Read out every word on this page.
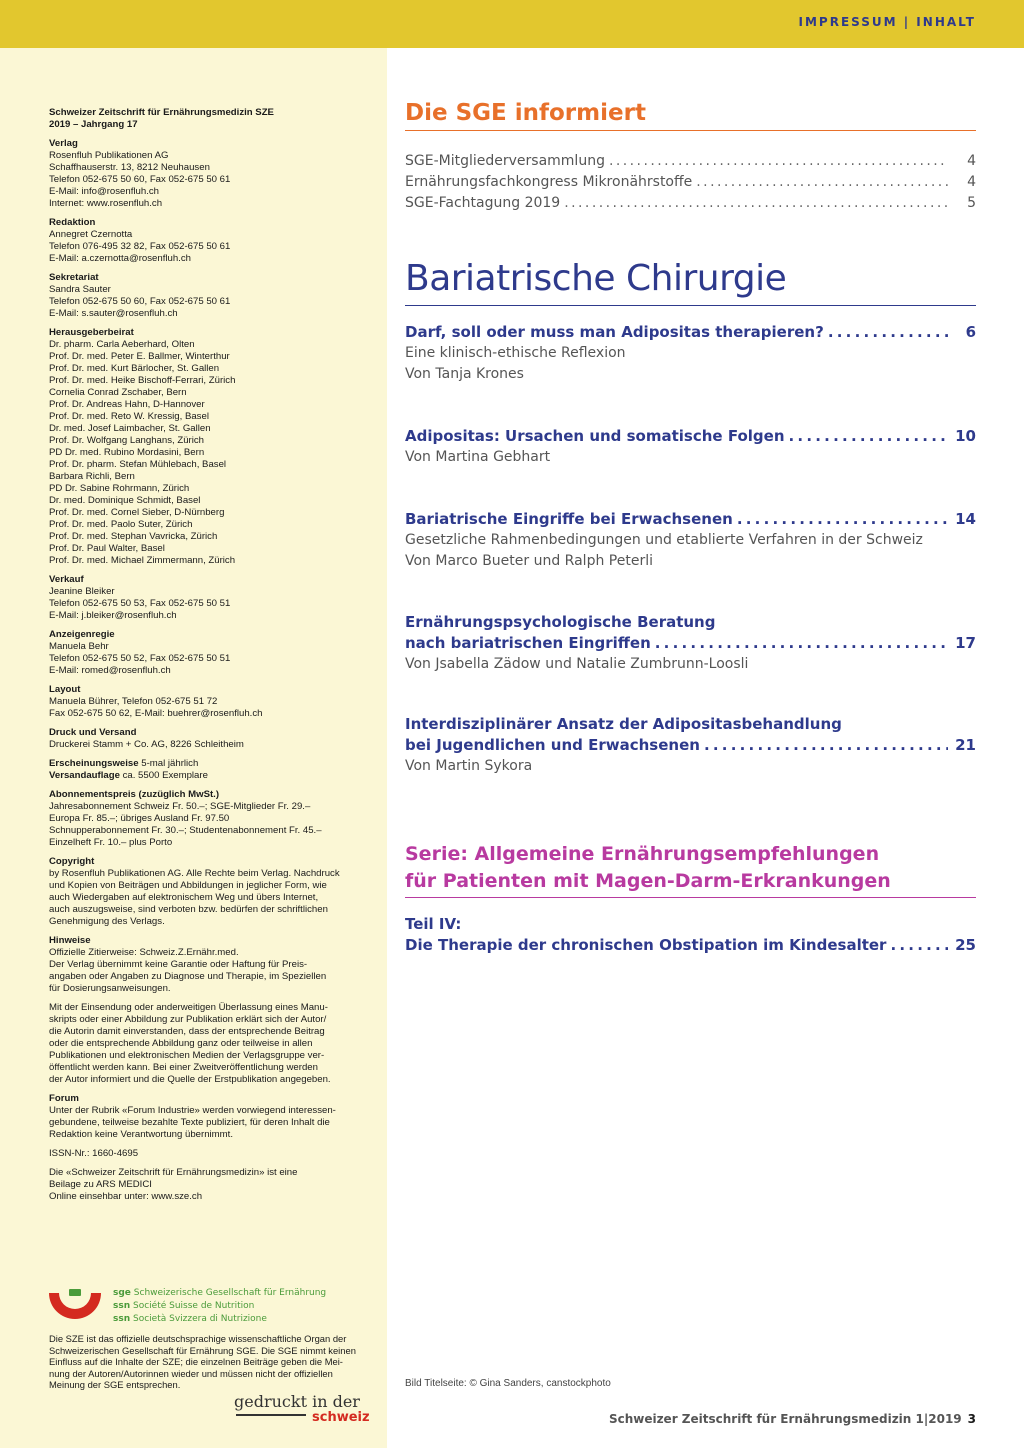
IMPRESSUM | INHALT
Schweizer Zeitschrift für Ernährungsmedizin SZE
2019 – Jahrgang 17
Verlag
Rosenfluh Publikationen AG
Schaffhauserstr. 13, 8212 Neuhausen
Telefon 052-675 50 60, Fax 052-675 50 61
E-Mail: info@rosenfluh.ch
Internet: www.rosenfluh.ch
Redaktion
Annegret Czernotta
Telefon 076-495 32 82, Fax 052-675 50 61
E-Mail: a.czernotta@rosenfluh.ch
Sekretariat
Sandra Sauter
Telefon 052-675 50 60, Fax 052-675 50 61
E-Mail: s.sauter@rosenfluh.ch
Herausgeberbeirat
Dr. pharm. Carla Aeberhard, Olten
Prof. Dr. med. Peter E. Ballmer, Winterthur
Prof. Dr. med. Kurt Bärlocher, St. Gallen
Prof. Dr. med. Heike Bischoff-Ferrari, Zürich
Cornelia Conrad Zschaber, Bern
Prof. Dr. Andreas Hahn, D-Hannover
Prof. Dr. med. Reto W. Kressig, Basel
Dr. med. Josef Laimbacher, St. Gallen
Prof. Dr. Wolfgang Langhans, Zürich
PD Dr. med. Rubino Mordasini, Bern
Prof. Dr. pharm. Stefan Mühlebach, Basel
Barbara Richli, Bern
PD Dr. Sabine Rohrmann, Zürich
Dr. med. Dominique Schmidt, Basel
Prof. Dr. med. Cornel Sieber, D-Nürnberg
Prof. Dr. med. Paolo Suter, Zürich
Prof. Dr. med. Stephan Vavricka, Zürich
Prof. Dr. Paul Walter, Basel
Prof. Dr. med. Michael Zimmermann, Zürich
Verkauf
Jeanine Bleiker
Telefon 052-675 50 53, Fax 052-675 50 51
E-Mail: j.bleiker@rosenfluh.ch
Anzeigenregie
Manuela Behr
Telefon 052-675 50 52, Fax 052-675 50 51
E-Mail: romed@rosenfluh.ch
Layout
Manuela Bührer, Telefon 052-675 51 72
Fax 052-675 50 62, E-Mail: buehrer@rosenfluh.ch
Druck und Versand
Druckerei Stamm + Co. AG, 8226 Schleitheim
Erscheinungsweise 5-mal jährlich
Versandauflage ca. 5500 Exemplare
Abonnementspreis (zuzüglich MwSt.)
Jahresabonnement Schweiz Fr. 50.–; SGE-Mitglieder Fr. 29.–
Europa Fr. 85.–; übriges Ausland Fr. 97.50
Schnupperabonnement Fr. 30.–; Studentenabonnement Fr. 45.–
Einzelheft Fr. 10.– plus Porto
Copyright
by Rosenfluh Publikationen AG. Alle Rechte beim Verlag. Nachdruck
und Kopien von Beiträgen und Abbildungen in jeglicher Form, wie
auch Wiedergaben auf elektronischem Weg und übers Internet,
auch auszugsweise, sind verboten bzw. bedürfen der schriftlichen
Genehmigung des Verlags.
Hinweise
Offizielle Zitierweise: Schweiz.Z.Ernähr.med.
Der Verlag übernimmt keine Garantie oder Haftung für Preis-
angaben oder Angaben zu Diagnose und Therapie, im Speziellen
für Dosierungsanweisungen.
Mit der Einsendung oder anderweitigen Überlassung eines Manu-
skripts oder einer Abbildung zur Publikation erklärt sich der Autor/
die Autorin damit einverstanden, dass der entsprechende Beitrag
oder die entsprechende Abbildung ganz oder teilweise in allen
Publikationen und elektronischen Medien der Verlagsgruppe ver-
öffentlicht werden kann. Bei einer Zweitveröffentlichung werden
der Autor informiert und die Quelle der Erstpublikation angegeben.
Forum
Unter der Rubrik «Forum Industrie» werden vorwiegend interessen-
gebundene, teilweise bezahlte Texte publiziert, für deren Inhalt die
Redaktion keine Verantwortung übernimmt.
ISSN-Nr.: 1660-4695
Die «Schweizer Zeitschrift für Ernährungsmedizin» ist eine
Beilage zu ARS MEDICI
Online einsehbar unter: www.sze.ch
sge Schweizerische Gesellschaft für Ernährung
ssn Société Suisse de Nutrition
ssn Società Svizzera di Nutrizione
Die SZE ist das offizielle deutschsprachige wissenschaftliche Organ der
Schweizerischen Gesellschaft für Ernährung SGE. Die SGE nimmt keinen
Einfluss auf die Inhalte der SZE; die einzelnen Beiträge geben die Mei-
nung der Autoren/Autorinnen wieder und müssen nicht der offiziellen
Meinung der SGE entsprechen.
gedruckt in der
schweiz
Die SGE informiert
SGE-Mitgliederversammlung . . .	4
Ernährungsfachkongress Mikronährstoffe . . .	4
SGE-Fachtagung 2019 . . .	5
Bariatrische Chirurgie
Darf, soll oder muss man Adipositas therapieren? . . .	6
Eine klinisch-ethische Reflexion
Von Tanja Krones
Adipositas: Ursachen und somatische Folgen . . .	10
Von Martina Gebhart
Bariatrische Eingriffe bei Erwachsenen . . .	14
Gesetzliche Rahmenbedingungen und etablierte Verfahren in der Schweiz
Von Marco Bueter und Ralph Peterli
Ernährungspsychologische Beratung
nach bariatrischen Eingriffen . . .	17
Von Jsabella Zädow und Natalie Zumbrunn-Loosli
Interdisziplinärer Ansatz der Adipositasbehandlung
bei Jugendlichen und Erwachsenen . . .	21
Von Martin Sykora
Serie: Allgemeine Ernährungsempfehlungen
für Patienten mit Magen-Darm-Erkrankungen
Teil IV:
Die Therapie der chronischen Obstipation im Kindesalter . . .	25
Bild Titelseite: © Gina Sanders, canstockphoto
Schweizer Zeitschrift für Ernährungsmedizin 1|2019 3
